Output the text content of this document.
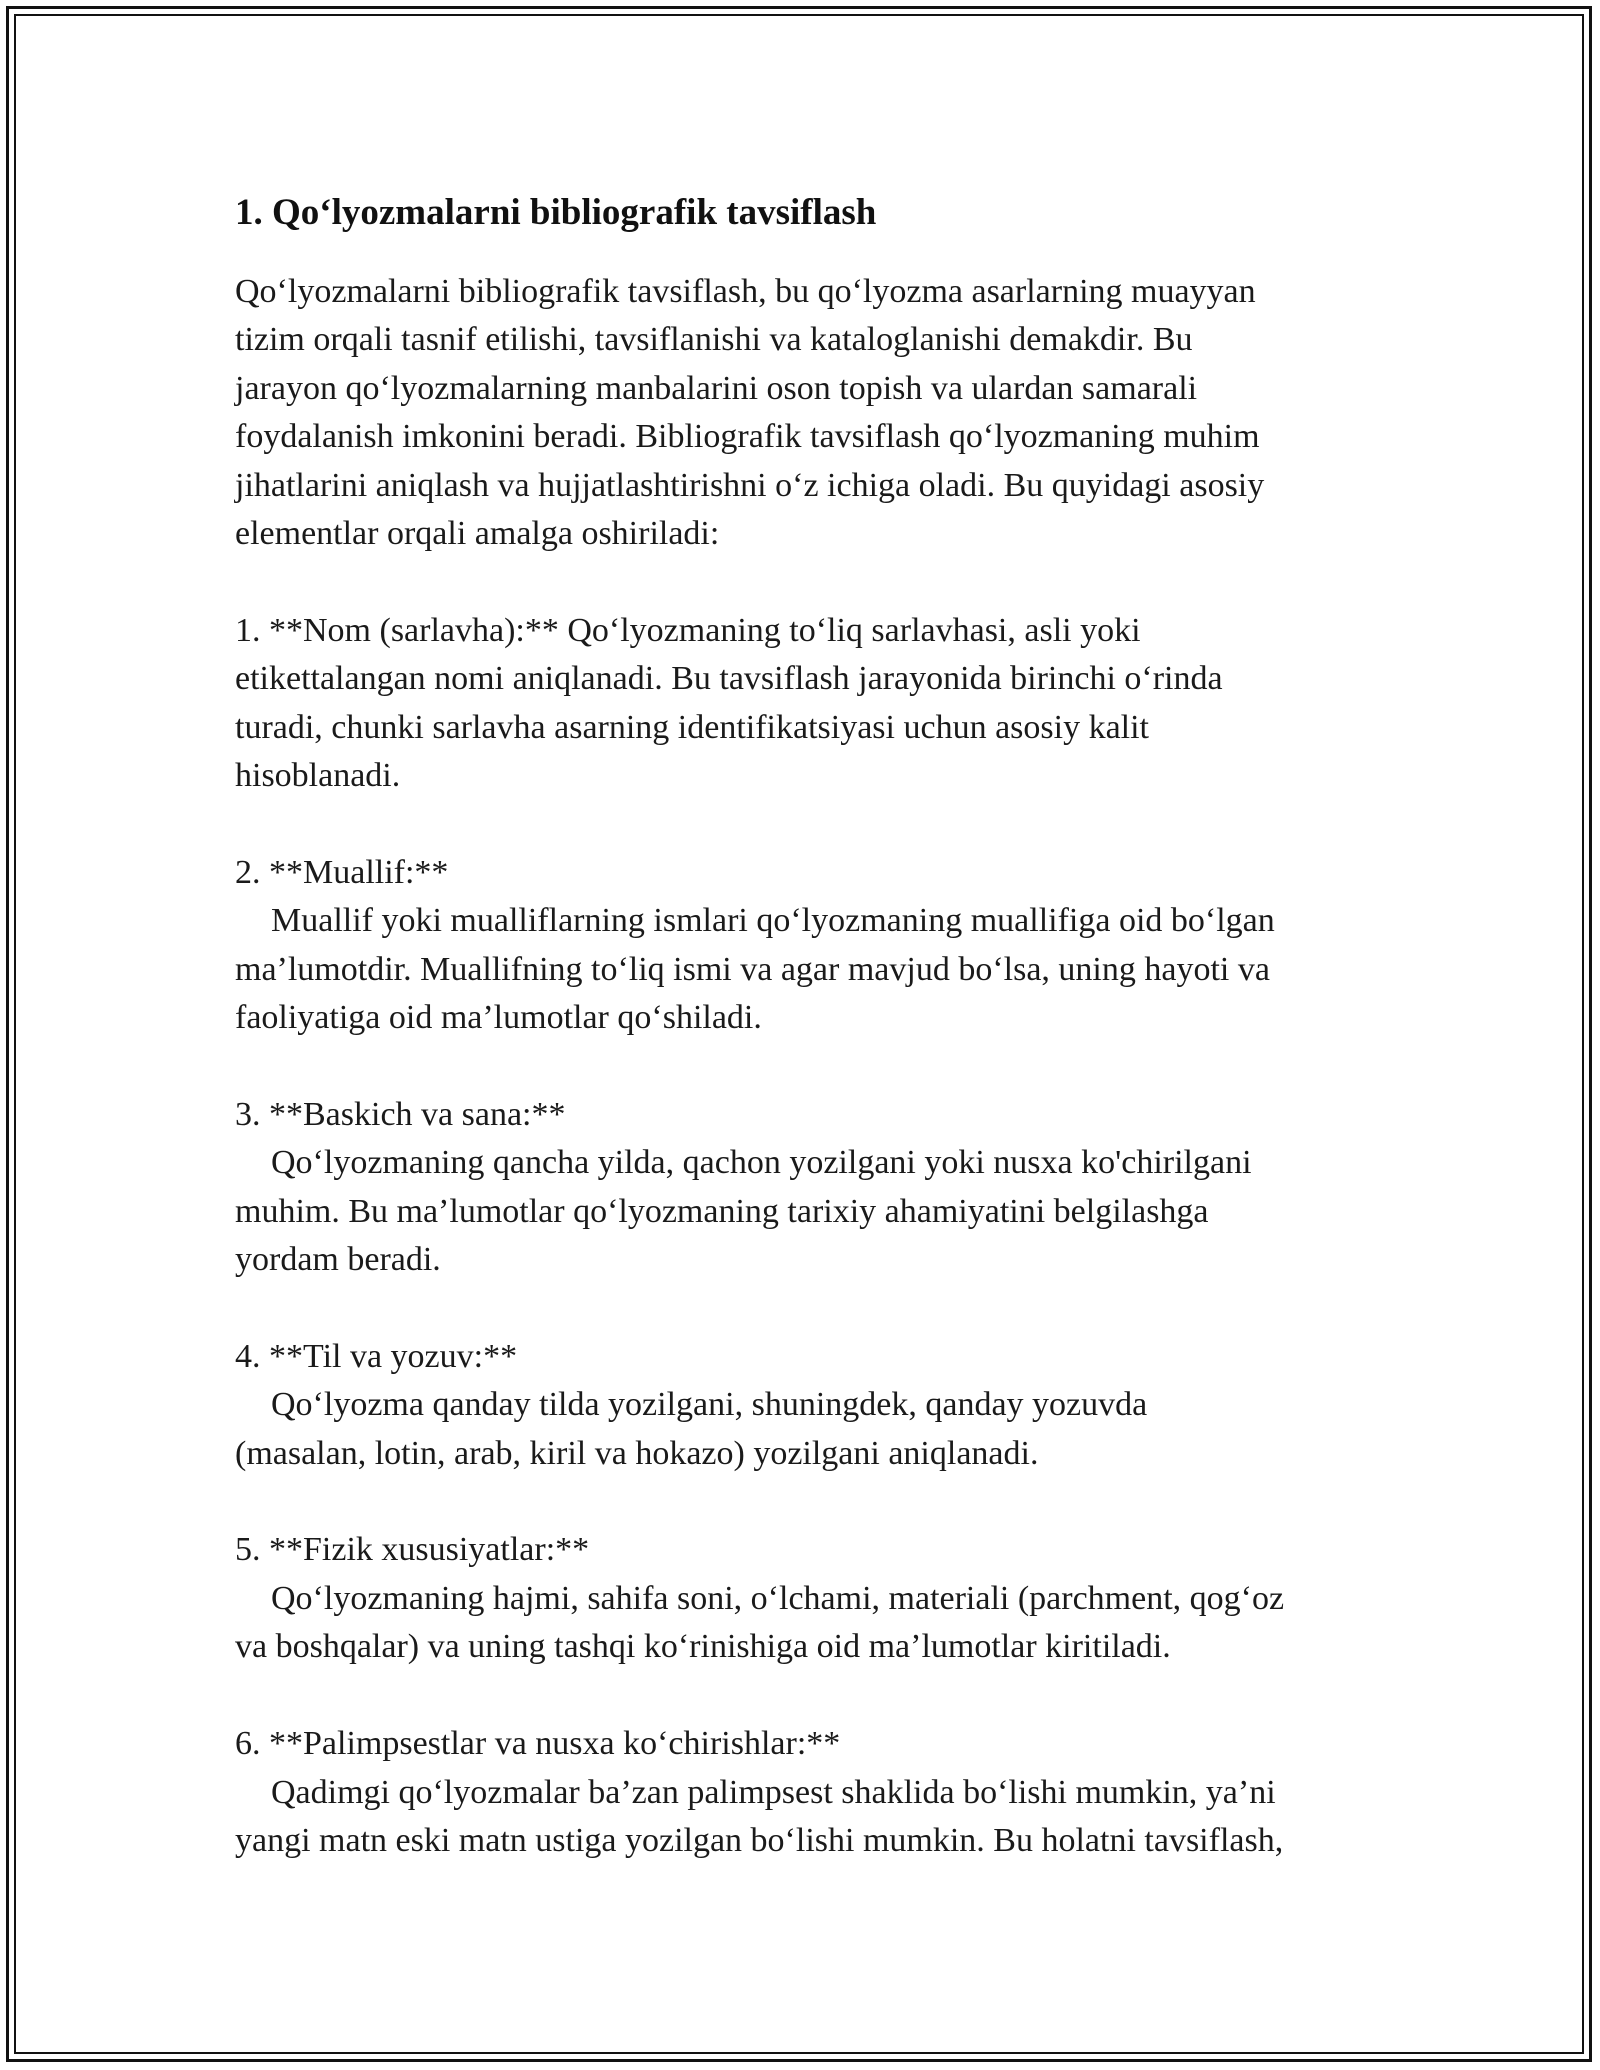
1. Qo‘lyozmalarni bibliografik tavsiflash
Qo‘lyozmalarni bibliografik tavsiflash, bu qo‘lyozma asarlarning muayyan
tizim orqali tasnif etilishi, tavsiflanishi va kataloglanishi demakdir. Bu
jarayon qo‘lyozmalarning manbalarini oson topish va ulardan samarali
foydalanish imkonini beradi. Bibliografik tavsiflash qo‘lyozmaning muhim
jihatlarini aniqlash va hujjatlashtirishni o‘z ichiga oladi. Bu quyidagi asosiy
elementlar orqali amalga oshiriladi:
1. **Nom (sarlavha):** Qo‘lyozmaning to‘liq sarlavhasi, asli yoki
etikettalangan nomi aniqlanadi. Bu tavsiflash jarayonida birinchi o‘rinda
turadi, chunki sarlavha asarning identifikatsiyasi uchun asosiy kalit
hisoblanadi.
2. **Muallif:**
Muallif yoki mualliflarning ismlari qo‘lyozmaning muallifiga oid bo‘lgan
ma’lumotdir. Muallifning to‘liq ismi va agar mavjud bo‘lsa, uning hayoti va
faoliyatiga oid ma’lumotlar qo‘shiladi.
3. **Baskich va sana:**
Qo‘lyozmaning qancha yilda, qachon yozilgani yoki nusxa ko'chirilgani
muhim. Bu ma’lumotlar qo‘lyozmaning tarixiy ahamiyatini belgilashga
yordam beradi.
4. **Til va yozuv:**
Qo‘lyozma qanday tilda yozilgani, shuningdek, qanday yozuvda
(masalan, lotin, arab, kiril va hokazo) yozilgani aniqlanadi.
5. **Fizik xususiyatlar:**
Qo‘lyozmaning hajmi, sahifa soni, o‘lchami, materiali (parchment, qog‘oz
va boshqalar) va uning tashqi ko‘rinishiga oid ma’lumotlar kiritiladi.
6. **Palimpsestlar va nusxa ko‘chirishlar:**
Qadimgi qo‘lyozmalar ba’zan palimpsest shaklida bo‘lishi mumkin, ya’ni
yangi matn eski matn ustiga yozilgan bo‘lishi mumkin. Bu holatni tavsiflash,
